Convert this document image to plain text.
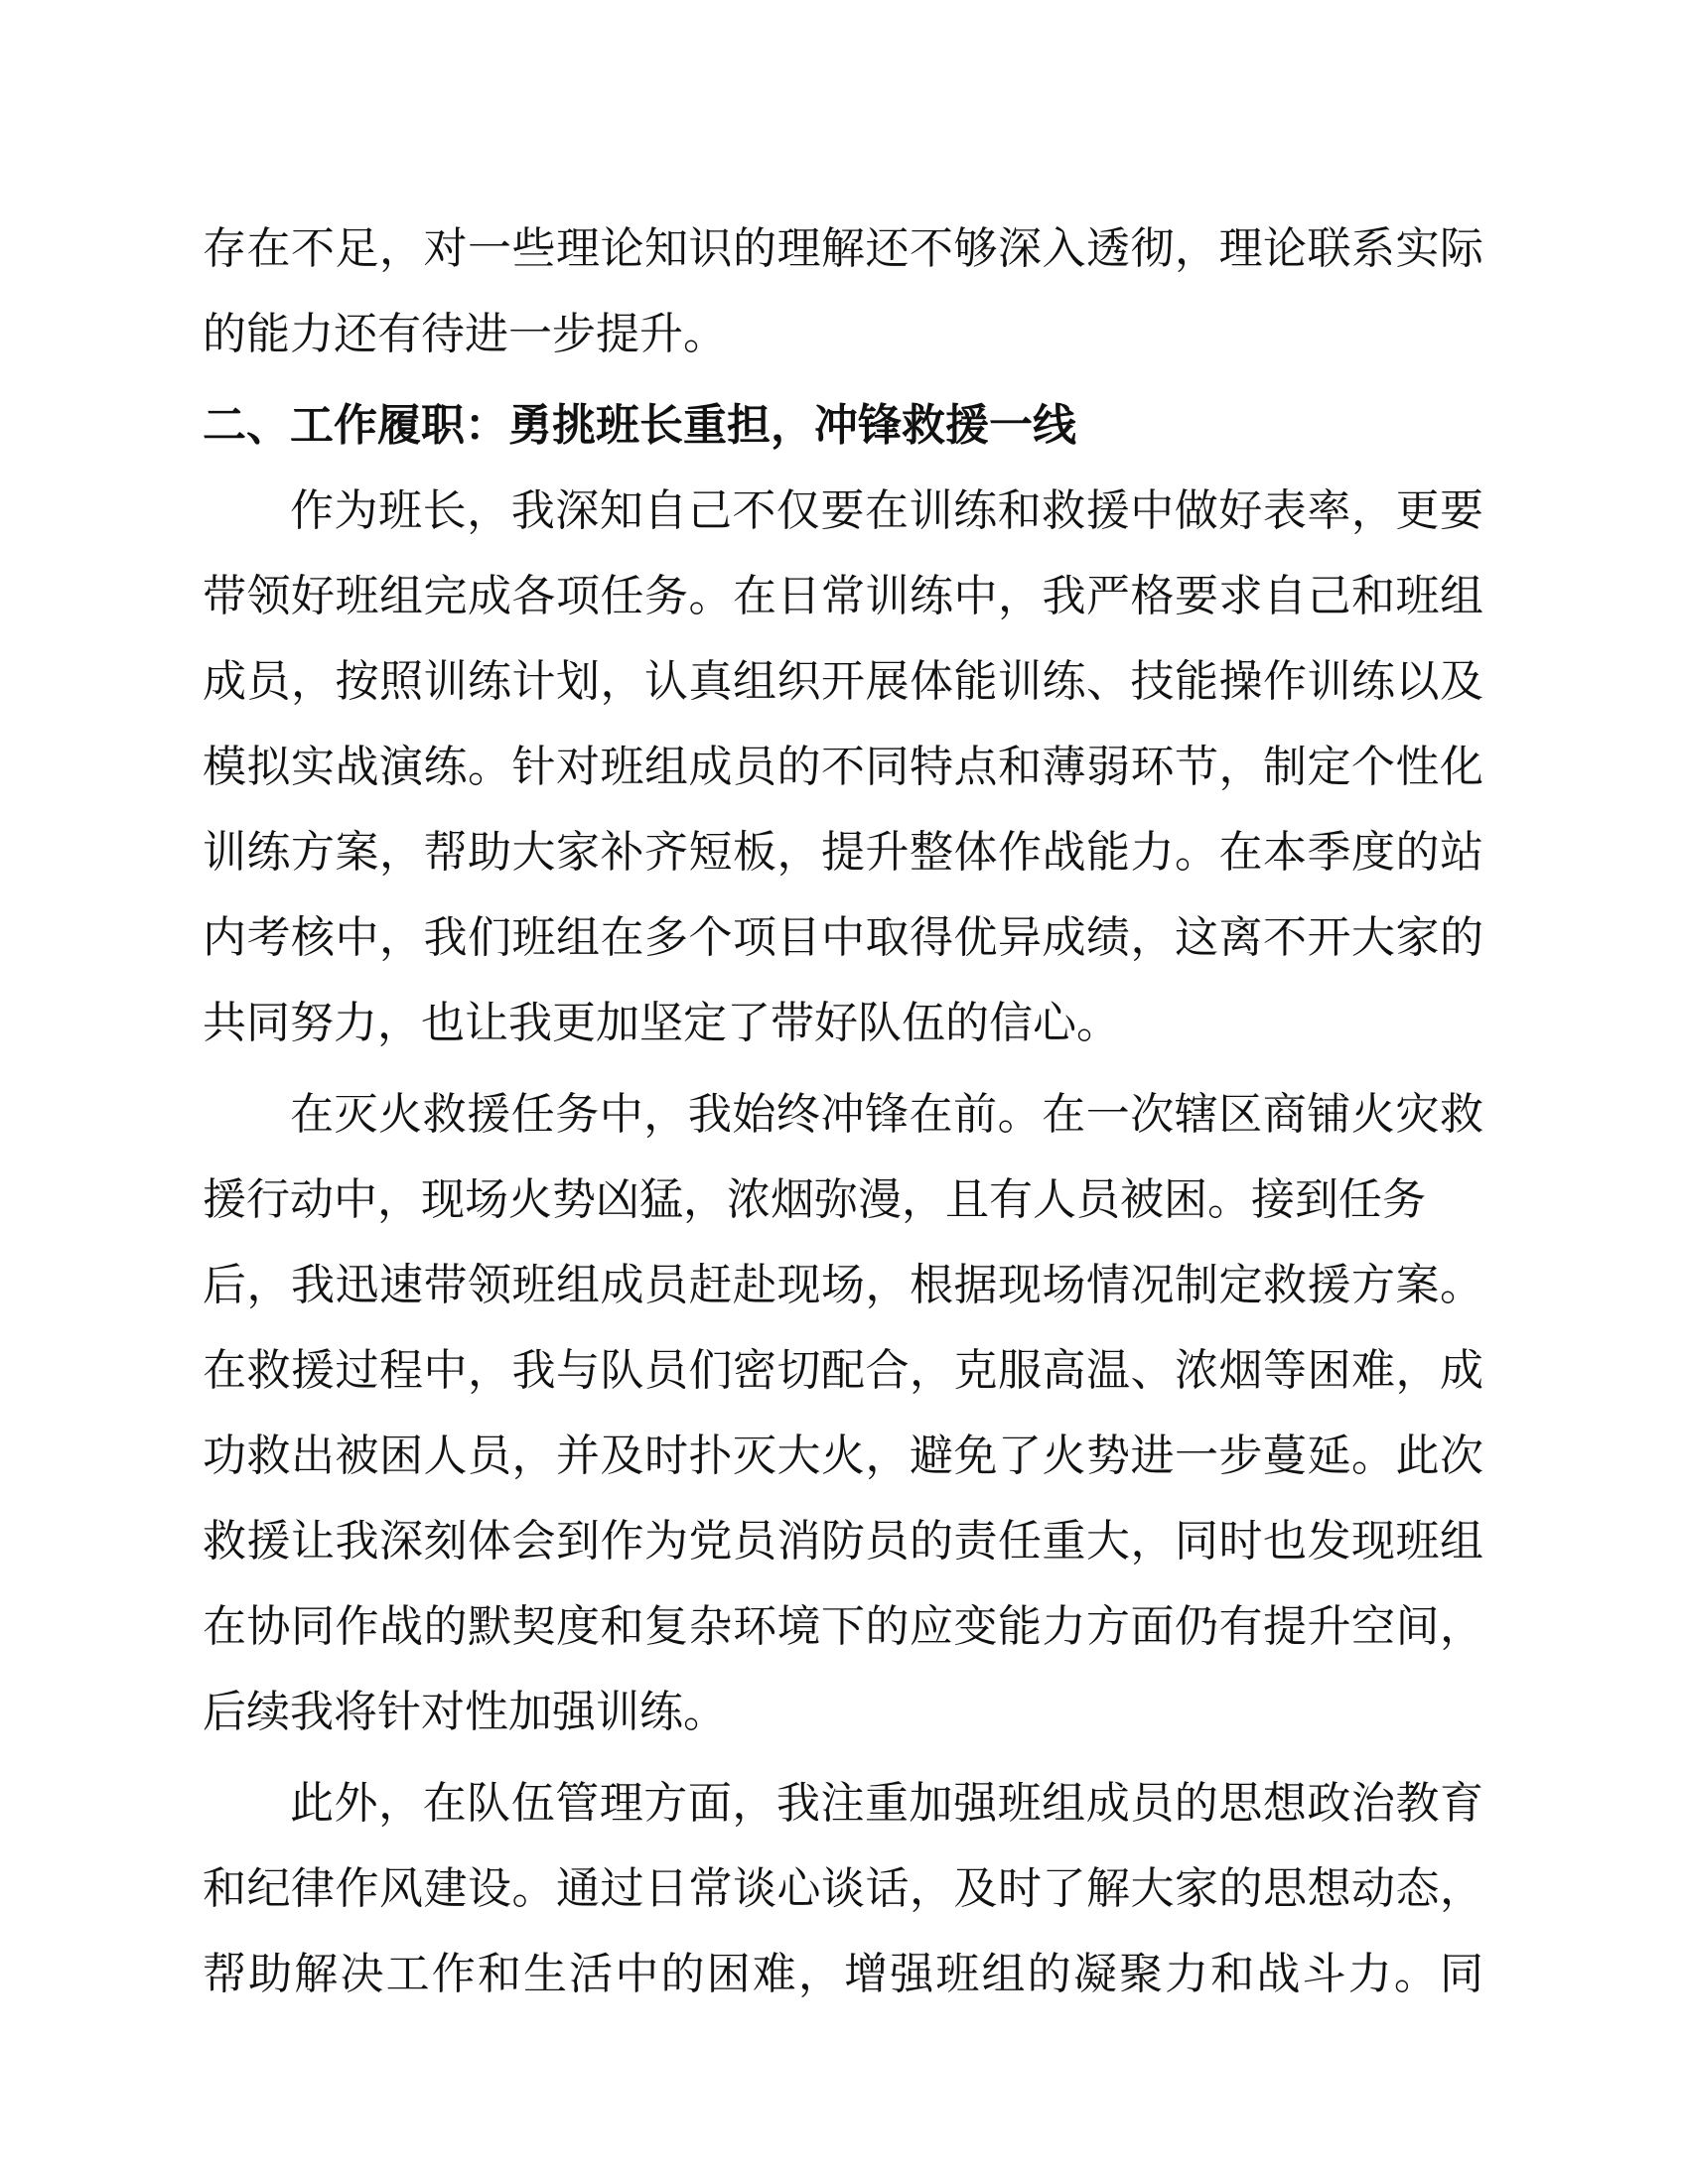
存在不足，对一些理论知识的理解还不够深入透彻，理论联系实际
的能力还有待进一步提升。
二、工作履职：勇挑班长重担，冲锋救援一线
作为班长，我深知自己不仅要在训练和救援中做好表率，更要
带领好班组完成各项任务。在日常训练中，我严格要求自己和班组
成员，按照训练计划，认真组织开展体能训练、技能操作训练以及
模拟实战演练。针对班组成员的不同特点和薄弱环节，制定个性化
训练方案，帮助大家补齐短板，提升整体作战能力。在本季度的站
内考核中，我们班组在多个项目中取得优异成绩，这离不开大家的
共同努力，也让我更加坚定了带好队伍的信心。
在灭火救援任务中，我始终冲锋在前。在一次辖区商铺火灾救
援行动中，现场火势凶猛，浓烟弥漫，且有人员被困。接到任务
后，我迅速带领班组成员赶赴现场，根据现场情况制定救援方案。
在救援过程中，我与队员们密切配合，克服高温、浓烟等困难，成
功救出被困人员，并及时扑灭大火，避免了火势进一步蔓延。此次
救援让我深刻体会到作为党员消防员的责任重大，同时也发现班组
在协同作战的默契度和复杂环境下的应变能力方面仍有提升空间，
后续我将针对性加强训练。
此外，在队伍管理方面，我注重加强班组成员的思想政治教育
和纪律作风建设。通过日常谈心谈话，及时了解大家的思想动态，
帮助解决工作和生活中的困难，增强班组的凝聚力和战斗力。同
